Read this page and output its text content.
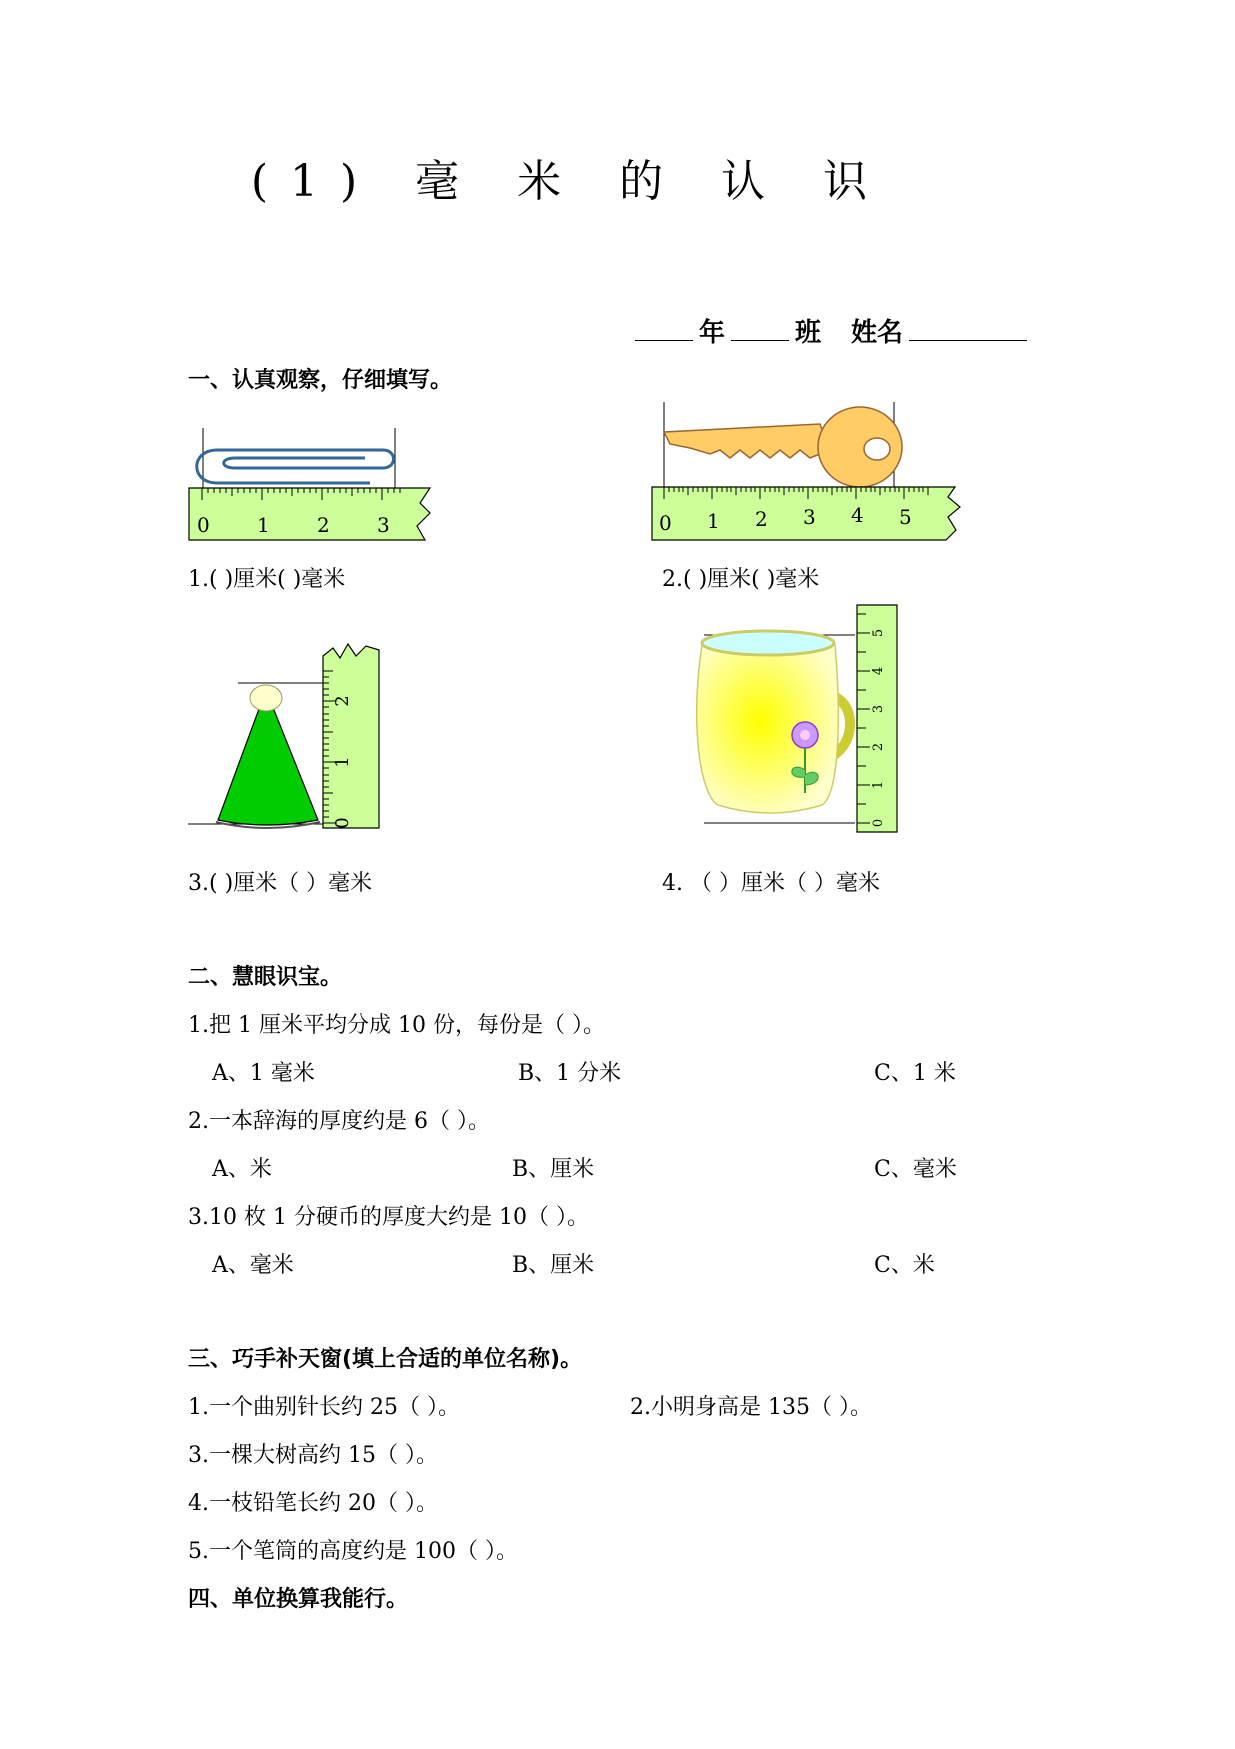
(1) 毫 米 的 认 识
年	班 姓名
一、认真观察，仔细填写。
0 1 2 3	0 1 2 3 4 5
1.( )厘米( )毫米	2.( )厘米( )毫米
0
1
2
0
1
2
3
4
5
3.( )厘米（ ）毫米	4. （ ）厘米（ ）毫米
二、慧眼识宝。
1.把 1 厘米平均分成 10 份，每份是（ ）。
A、1 毫米	B、1 分米	C、1 米
2.一本辞海的厚度约是 6（ ）。
A、米	B、厘米	C、毫米
3.10 枚 1 分硬币的厚度大约是 10（ ）。
A、毫米	B、厘米	C、米
三、巧手补天窗(填上合适的单位名称)。
1.一个曲别针长约 25（ ）。	2.小明身高是 135（ ）。
3.一棵大树高约 15（ ）。
4.一枝铅笔长约 20（ ）。
5.一个笔筒的高度约是 100（ ）。
四、单位换算我能行。
